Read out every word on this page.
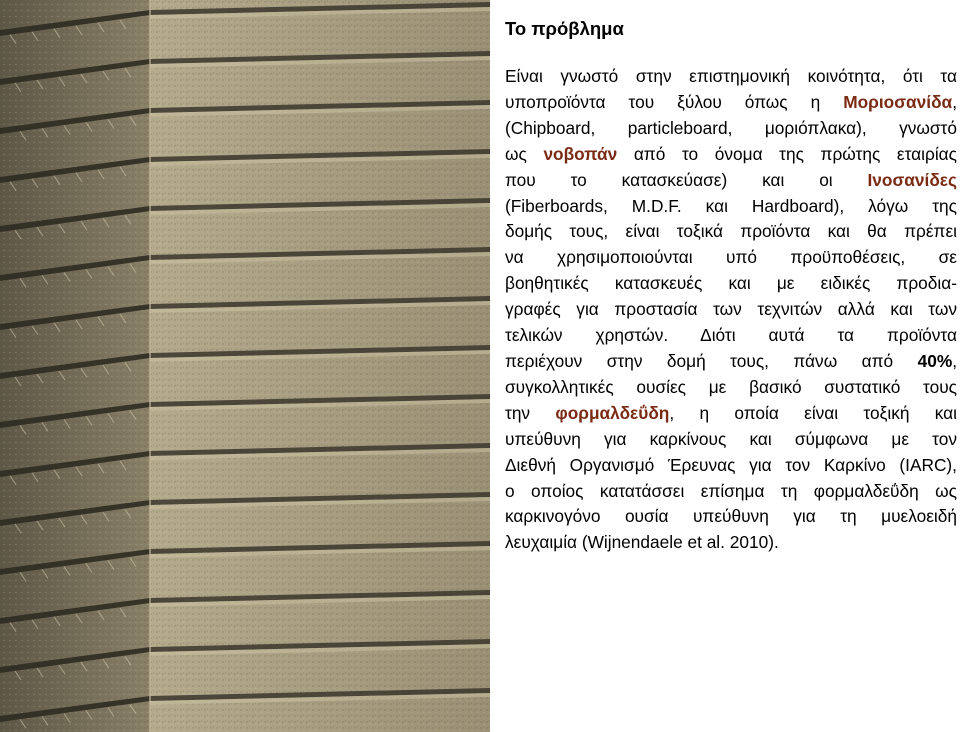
Το πρόβλημα
Είναι γνωστό στην επιστημονική κοινότητα, ότι τα
υποπροϊόντα του ξύλου όπως η Μοριοσανίδα,
(Chipboard, particleboard, μοριόπλακα), γνωστό
ως νοβοπάν από το όνομα της πρώτης εταιρίας
που το κατασκεύασε) και οι Ινοσανίδες
(Fiberboards, M.D.F. και Hardboard), λόγω της
δομής τους, είναι τοξικά προϊόντα και θα πρέπει
να χρησιμοποιούνται υπό προϋποθέσεις, σε
βοηθητικές κατασκευές και με ειδικές προδια-
γραφές για προστασία των τεχνιτών αλλά και των
τελικών χρηστών. Διότι αυτά τα προϊόντα
περιέχουν στην δομή τους, πάνω από 40%,
συγκολλητικές ουσίες με βασικό συστατικό τους
την φορμαλδεΰδη, η οποία είναι τοξική και
υπεύθυνη για καρκίνους και σύμφωνα με τον
Διεθνή Οργανισμό Έρευνας για τον Καρκίνο (IARC),
ο οποίος κατατάσσει επίσημα τη φορμαλδεΰδη ως
καρκινογόνο ουσία υπεύθυνη για τη μυελοειδή
λευχαιμία (Wijnendaele et al. 2010).
